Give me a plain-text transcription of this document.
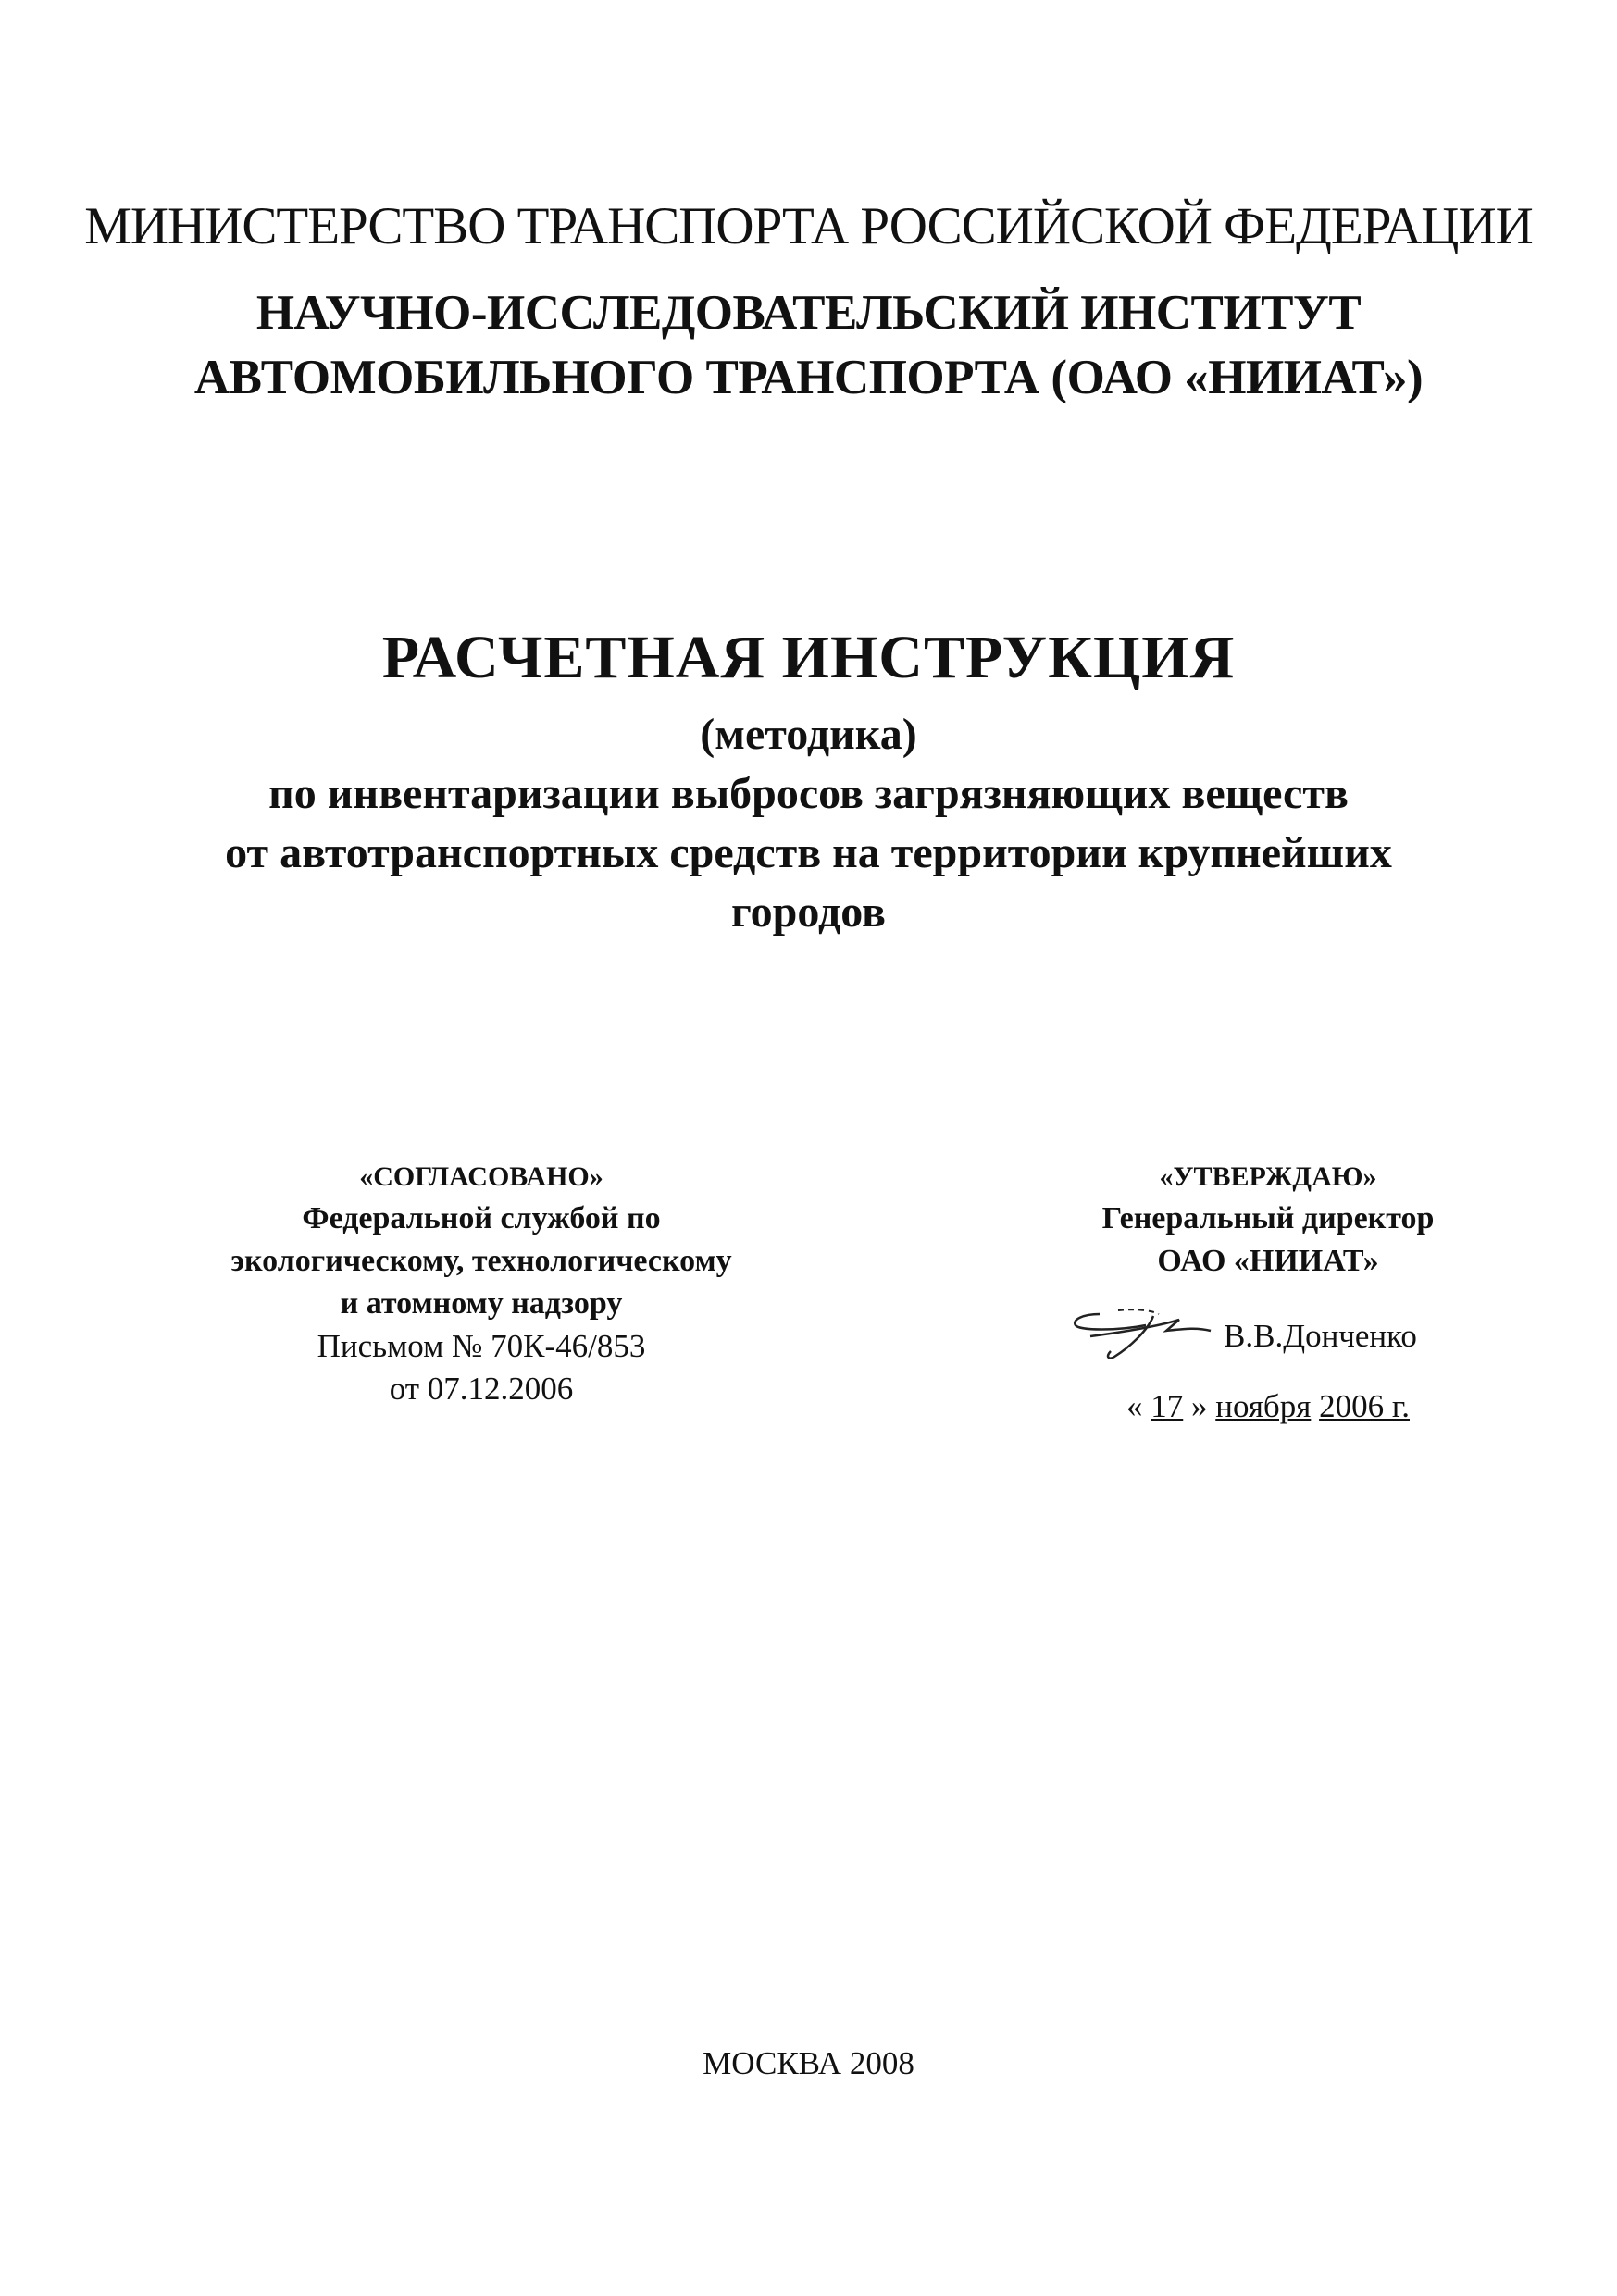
МИНИСТЕРСТВО ТРАНСПОРТА РОССИЙСКОЙ ФЕДЕРАЦИИ
НАУЧНО-ИССЛЕДОВАТЕЛЬСКИЙ ИНСТИТУТ
АВТОМОБИЛЬНОГО ТРАНСПОРТА (ОАО «НИИАТ»)
РАСЧЕТНАЯ ИНСТРУКЦИЯ
(методика)
по инвентаризации выбросов загрязняющих веществ
от автотранспортных средств на территории крупнейших
городов
«СОГЛАСОВАНО»
Федеральной службой по
экологическому, технологическому
и атомному надзору
Письмом № 70К-46/853
от 07.12.2006
«УТВЕРЖДАЮ»
Генеральный директор
ОАО «НИИАТ»
В.В.Донченко
« 17 » ноября 2006 г.
МОСКВА 2008
